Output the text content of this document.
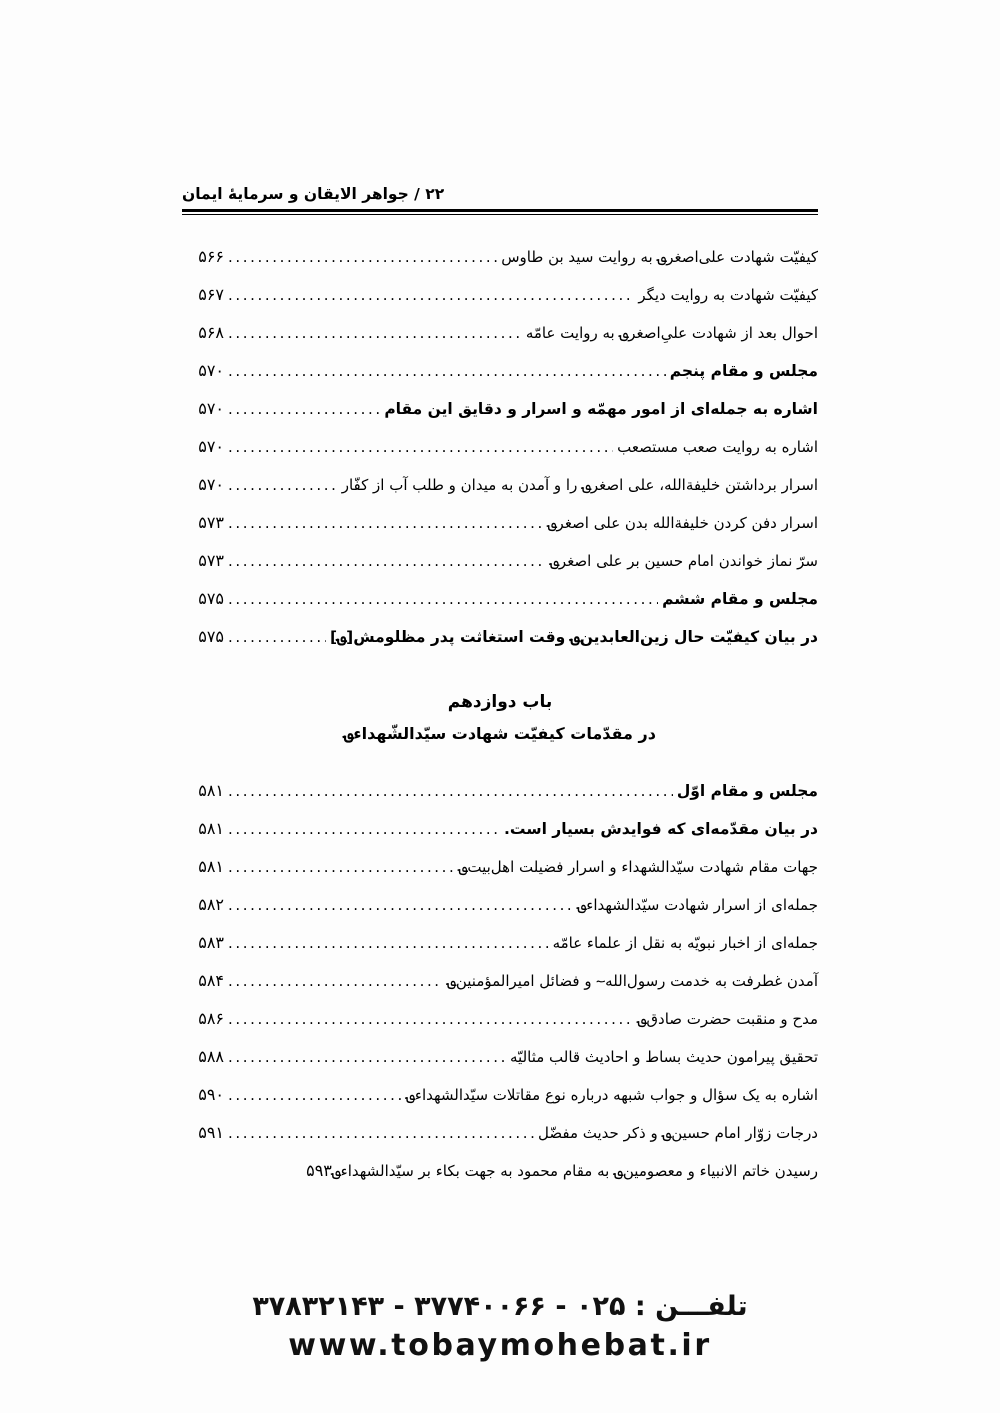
۲۲ / جواهر الایقان و سرمایهٔ ایمان
کیفیّت شهادت علی‌اصغر؈ به روایت سید بن طاوس
.....
۵۶۶
کیفیّت شهادت به روایت دیگر
.....
۵۶۷
احوال بعد از شهادت علیِ‌اصغر؈ به روایت عامّه
.....
۵۶۸
مجلس و مقام پنجم
.....
۵۷۰
اشاره به جمله‌ای از امور مهمّه و اسرار و دقایق این مقام
.....
۵۷۰
اشاره به روایت صعب مستصعب
.....
۵۷۰
اسرار برداشتن خلیفةالله، علی اصغر؈ را و آمدن به میدان و طلب آب از کفّار
.....
۵۷۰
اسرار دفن کردن خلیفةالله بدن علی اصغر؈
.....
۵۷۳
سرّ نماز خواندن امام حسین بر علی اصغر؈
.....
۵۷۳
مجلس و مقام ششم
.....
۵۷۵
در بیان کیفیّت حال زین‌العابدین؈ وقت استغاثت پدر مظلومش[؈]
.....
۵۷۵
باب دوازدهم
در مقدّمات کیفیّت شهادت سیّدالشّهداء؈
مجلس و مقام اوّل
.....
۵۸۱
در بیان مقدّمه‌ای که فوایدش بسیار است.
.....
۵۸۱
جهات مقام شهادت سیّدالشهداء و اسرار فضیلت اهل‌بیت؈
.....
۵۸۱
جمله‌ای از اسرار شهادت سیّدالشهداء؈
.....
۵۸۲
جمله‌ای از اخبار نبویّه به نقل از علماء عامّه
.....
۵۸۳
آمدن غطرفت به خدمت رسول‌الله؅ و فضائل امیرالمؤمنین؈
.....
۵۸۴
مدح و منقبت حضرت صادق؈
.....
۵۸۶
تحقیق پیرامون حدیث بساط و احادیث قالب مثالیّه
.....
۵۸۸
اشاره به یک سؤال و جواب شبهه درباره نوع مقاتلات سیّدالشهداء؈
.....
۵۹۰
درجات زوّار امام حسین؈ و ذکر حدیث مفضّل
.....
۵۹۱
رسیدن خاتم الانبیاء و معصومین؈ به مقام محمود به جهت بکاء بر سیّدالشهداء؈
۵۹۳
تلفـــن : ۰۲۵ - ۳۷۷۴۰۰۶۶ - ۳۷۸۳۲۱۴۳
www.tobaymohebat.ir
